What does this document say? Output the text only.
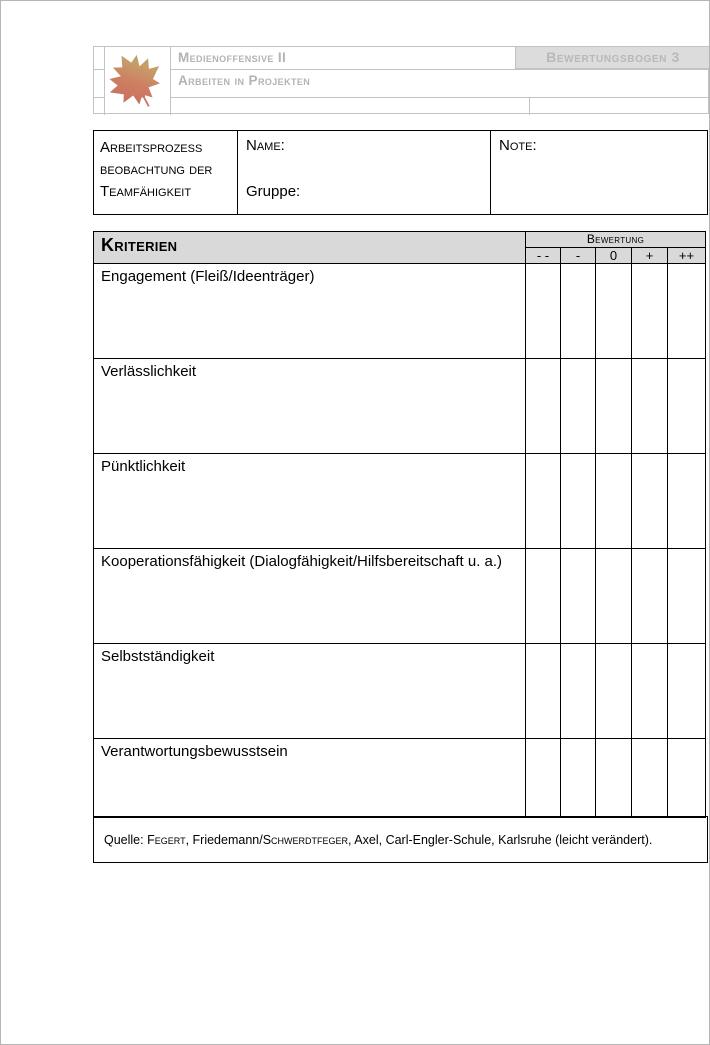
Medienoffensive II	Bewertungsbogen 3
Arbeiten in Projekten
Arbeitsprozess beobachtung der Teamfähigkeit
Name:
Gruppe:
Note:
Kriterien	Bewertung
- -	-	0	+	++
Engagement (Fleiß/Ideenträger)
Verlässlichkeit
Pünktlichkeit
Kooperationsfähigkeit (Dialogfähigkeit/Hilfsbereitschaft u. a.)
Selbstständigkeit
Verantwortungsbewusstsein
Quelle: Fegert , Friedemann/ Schwerdtfeger , Axel, Carl-Engler-Schule, Karlsruhe (leicht verändert).
